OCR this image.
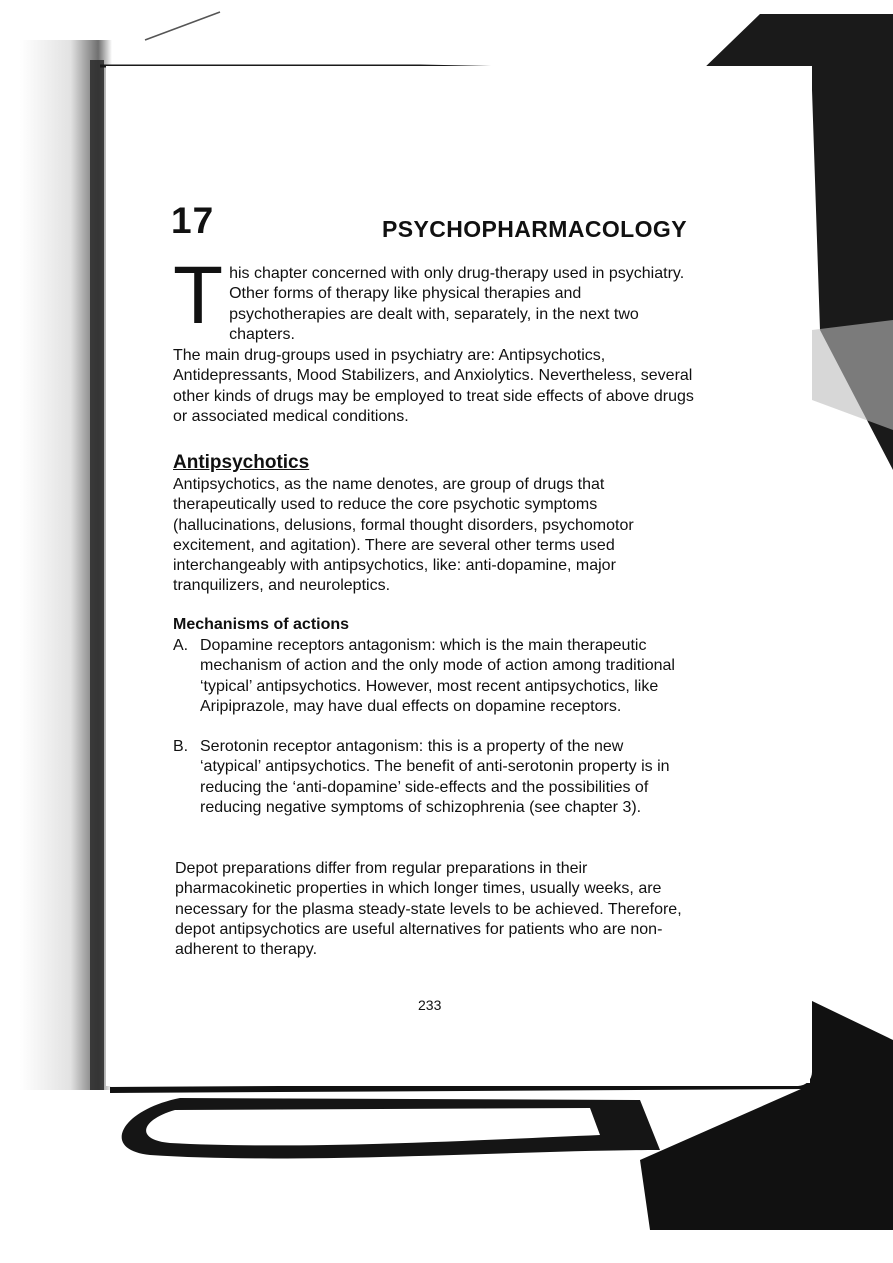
17	PSYCHOPHARMACOLOGY

This chapter concerned with only drug-therapy used in psychiatry. Other forms of therapy like physical therapies and psychotherapies are dealt with, separately, in the next two chapters.

The main drug-groups used in psychiatry are: Antipsychotics, Antidepressants, Mood Stabilizers, and Anxiolytics. Nevertheless, several other kinds of drugs may be employed to treat side effects of above drugs or associated medical conditions.

Antipsychotics

Antipsychotics, as the name denotes, are group of drugs that therapeutically used to reduce the core psychotic symptoms (hallucinations, delusions, formal thought disorders, psychomotor excitement, and agitation). There are several other terms used interchangeably with antipsychotics, like: anti-dopamine, major tranquilizers, and neuroleptics.

Mechanisms of actions
A. Dopamine receptors antagonism: which is the main therapeutic mechanism of action and the only mode of action among traditional ‘typical’ antipsychotics. However, most recent antipsychotics, like Aripiprazole, may have dual effects on dopamine receptors.
B. Serotonin receptor antagonism: this is a property of the new ‘atypical’ antipsychotics. The benefit of anti-serotonin property is in reducing the ‘anti-dopamine’ side-effects and the possibilities of reducing negative symptoms of schizophrenia (see chapter 3).

Depot preparations differ from regular preparations in their pharmacokinetic properties in which longer times, usually weeks, are necessary for the plasma steady-state levels to be achieved. Therefore, depot antipsychotics are useful alternatives for patients who are non-adherent to therapy.

233
